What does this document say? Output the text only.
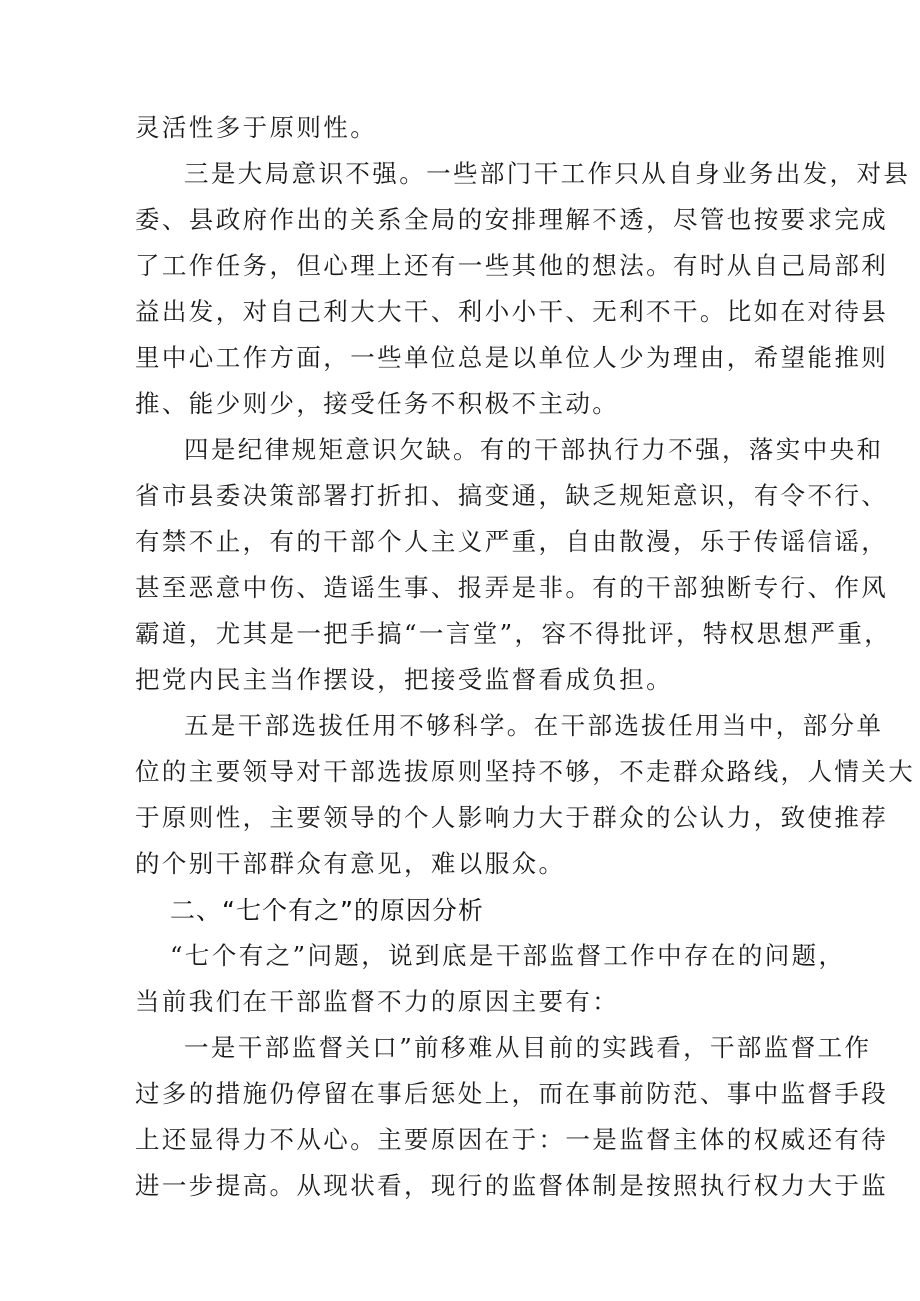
灵活性多于原则性。
三是大局意识不强。一些部门干工作只从自身业务出发，对县
委、县政府作出的关系全局的安排理解不透，尽管也按要求完成
了工作任务，但心理上还有一些其他的想法。有时从自己局部利
益出发，对自己利大大干、利小小干、无利不干。比如在对待县
里中心工作方面，一些单位总是以单位人少为理由，希望能推则
推、能少则少，接受任务不积极不主动。
四是纪律规矩意识欠缺。有的干部执行力不强，落实中央和
省市县委决策部署打折扣、搞变通，缺乏规矩意识，有令不行、
有禁不止，有的干部个人主义严重，自由散漫，乐于传谣信谣，
甚至恶意中伤、造谣生事、报弄是非。有的干部独断专行、作风
霸道，尤其是一把手搞“一言堂”，容不得批评，特权思想严重，
把党内民主当作摆设，把接受监督看成负担。
五是干部选拔任用不够科学。在干部选拔任用当中，部分单
位的主要领导对干部选拔原则坚持不够，不走群众路线，人情关大
于原则性，主要领导的个人影响力大于群众的公认力，致使推荐
的个别干部群众有意见，难以服众。
二、“七个有之”的原因分析
“七个有之”问题，说到底是干部监督工作中存在的问题，
当前我们在干部监督不力的原因主要有：
一是干部监督关口”前移难从目前的实践看，干部监督工作
过多的措施仍停留在事后惩处上，而在事前防范、事中监督手段
上还显得力不从心。主要原因在于：一是监督主体的权威还有待
进一步提高。从现状看，现行的监督体制是按照执行权力大于监
